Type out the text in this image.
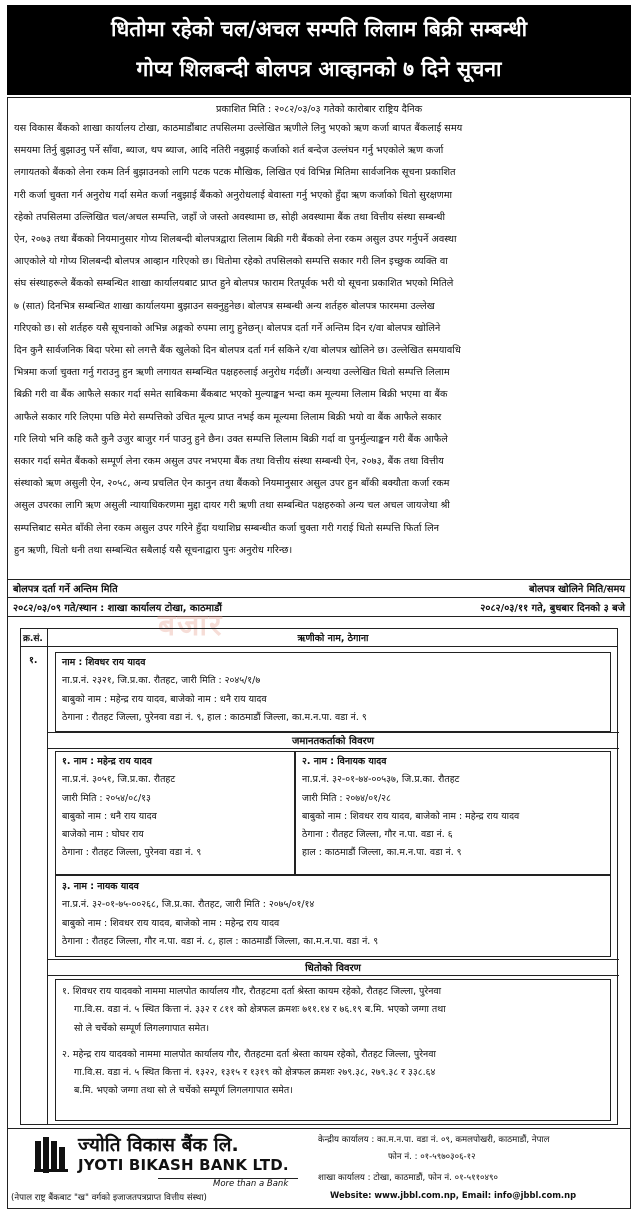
धितोमा रहेको चल/अचल सम्पति लिलाम बिक्री सम्बन्धी
गोप्य शिलबन्दी बोलपत्र आव्हानको ७ दिने सूचना
प्रकाशित मिति : २०८२/०३/०३ गतेको कारोबार राष्ट्रिय दैनिक
यस विकास बैंकको शाखा कार्यालय टोखा, काठमाडौंबाट तपसिलमा उल्लेखित ऋणीले लिनु भएको ऋण कर्जा बापत बैंकलाई समय
समयमा तिर्नु बुझाउनु पर्ने साँवा, ब्याज, थप ब्याज, आदि नतिरी नबुझाई कर्जाको शर्त बन्देज उल्लंघन गर्नु भएकोले ऋण कर्जा
लगायतको बैंकको लेना रकम तिर्न बुझाउनको लागि पटक पटक मौखिक, लिखित एवं विभिन्न मितिमा सार्वजनिक सूचना प्रकाशित
गरी कर्जा चुक्ता गर्न अनुरोध गर्दा समेत कर्जा नबुझाई बैंकको अनुरोधलाई बेवास्ता गर्नु भएको हुँदा ऋण कर्जाको धितो सुरक्षणमा
रहेको तपसिलमा उल्लिखित चल/अचल सम्पत्ति, जहाँ जे जस्तो अवस्थामा छ, सोही अवस्थामा बैंक तथा वित्तीय संस्था सम्बन्धी
ऐन, २०७३ तथा बैंकको नियमानुसार गोप्य शिलबन्दी बोलपत्रद्वारा लिलाम बिक्री गरी बैंकको लेना रकम असुल उपर गर्नुपर्ने अवस्था
आएकोले यो गोप्य शिलबन्दी बोलपत्र आव्हान गरिएको छ। धितोमा रहेको तपसिलको सम्पत्ति सकार गरी लिन इच्छुक व्यक्ति वा
संघ संस्थाहरूले बैंकको सम्बन्धित शाखा कार्यालयबाट प्राप्त हुने बोलपत्र फाराम रितपूर्वक भरी यो सूचना प्रकाशित भएको मितिले
७ (सात) दिनभित्र सम्बन्धित शाखा कार्यालयमा बुझाउन सक्नुहुनेछ। बोलपत्र सम्बन्धी अन्य शर्तहरु बोलपत्र फारममा उल्लेख
गरिएको छ। सो शर्तहरु यसै सूचनाको अभिन्न अङ्गको रुपमा लागु हुनेछन्। बोलपत्र दर्ता गर्ने अन्तिम दिन र/वा बोलपत्र खोलिने
दिन कुनै सार्वजनिक बिदा परेमा सो लगत्तै बैंक खुलेको दिन बोलपत्र दर्ता गर्न सकिने र/वा बोलपत्र खोलिने छ। उल्लेखित समयावधि
भित्रमा कर्जा चुक्ता गर्नु गराउनु हुन ऋणी लगायत सम्बन्धित पक्षहरुलाई अनुरोध गर्दछौं। अन्यथा उल्लेखित धितो सम्पत्ति लिलाम
बिक्री गरी वा बैंक आफैले सकार गर्दा समेत साबिकमा बैंकबाट भएको मुल्याङ्कन भन्दा कम मूल्यमा लिलाम बिक्री भएमा वा बैंक
आफैले सकार गरि लिएमा पछि मेरो सम्पत्तिको उचित मूल्य प्राप्त नभई कम मूल्यमा लिलाम बिक्री भयो वा बैंक आफैले सकार
गरि लियो भनि कहि कतै कुनै उजुर बाजुर गर्न पाउनु हुने छैन। उक्त सम्पत्ति लिलाम बिक्री गर्दा वा पुनर्मुल्याङ्कन गरी बैंक आफैले
सकार गर्दा समेत बैंकको सम्पूर्ण लेना रकम असुल उपर नभएमा बैंक तथा वित्तीय संस्था सम्बन्धी ऐन, २०७३, बैंक तथा वित्तीय
संस्थाको ऋण असुली ऐन, २०५८, अन्य प्रचलित ऐन कानुन तथा बैंकको नियमानुसार असुल उपर हुन बाँकी बक्यौता कर्जा रकम
असुल उपरका लागि ऋण असुली न्यायाधिकरणमा मुद्दा दायर गरी ऋणी तथा सम्बन्धित पक्षहरुको अन्य चल अचल जायजेथा श्री
सम्पत्तिबाट समेत बाँकी लेना रकम असुल उपर गरिने हुँदा यथाशिघ्र सम्बन्धीत कर्जा चुक्ता गरी गराई धितो सम्पत्ति फिर्ता लिन
हुन ऋणी, धितो धनी तथा सम्बन्धित सबैलाई यसै सूचनाद्वारा पुनः अनुरोध गरिन्छ।
बोलपत्र दर्ता गर्ने अन्तिम मिति	बोलपत्र खोलिने मिति/समय
२०८२/०३/०९ गते/स्थान : शाखा कार्यालय टोखा, काठमाडौं	२०८२/०३/११ गते, बुधबार दिनको ३ बजे
बजार
क्र.सं.	ऋणीको नाम, ठेगाना
१.	नाम : शिवधर राय यादव
ना.प्र.नं. २३२१, जि.प्र.का. रौतहट, जारी मिति : २०४५/१/७
बाबुको नाम : महेन्द्र राय यादव, बाजेको नाम : धनै राय यादव
ठेगाना : रौतहट जिल्ला, पुरेनवा वडा नं. ९, हाल : काठमाडौं जिल्ला, का.म.न.पा. वडा नं. ९
जमानतकर्ताको विवरण
१. नाम : महेन्द्र राय यादव
ना.प्र.नं. ३०५१, जि.प्र.का. रौतहट
जारी मिति : २०५४/०८/१३
बाबुको नाम : धनै राय यादव
बाजेको नाम : घोघर राय
ठेगाना : रौतहट जिल्ला, पुरेनवा वडा नं. ९
२. नाम : विनायक यादव
ना.प्र.नं. ३२-०१-७४-००५३७, जि.प्र.का. रौतहट
जारी मिति : २०७४/०१/२८
बाबुको नाम : शिवधर राय यादव, बाजेको नाम : महेन्द्र राय यादव
ठेगाना : रौतहट जिल्ला, गौर न.पा. वडा नं. ६
हाल : काठमाडौं जिल्ला, का.म.न.पा. वडा नं. ९
३. नाम : नायक यादव
ना.प्र.नं. ३२-०१-७५-००२६८, जि.प्र.का. रौतहट, जारी मिति : २०७५/०१/१४
बाबुको नाम : शिवधर राय यादव, बाजेको नाम : महेन्द्र राय यादव
ठेगाना : रौतहट जिल्ला, गौर न.पा. वडा नं. ८, हाल : काठमाडौं जिल्ला, का.म.न.पा. वडा नं. ९
धितोको विवरण
१. शिवधर राय यादवको नाममा मालपोत कार्यालय गौर, रौतहटमा दर्ता श्रेस्ता कायम रहेको, रौतहट जिल्ला, पुरेनवा
गा.वि.स. वडा नं. ५ स्थित कित्ता नं. ३३२ र ८११ को क्षेत्रफल क्रमशः ७११.१४ र ७६.१९ ब.मि. भएको जग्गा तथा
सो ले चर्चेको सम्पूर्ण लिगलगापात समेत।
२. महेन्द्र राय यादवको नाममा मालपोत कार्यालय गौर, रौतहटमा दर्ता श्रेस्ता कायम रहेको, रौतहट जिल्ला, पुरेनवा
गा.वि.स. वडा नं. ५ स्थित कित्ता नं. १३२२, १३१५ र १३१९ को क्षेत्रफल क्रमशः २७९.३८, २७९.३८ र ३३८.६४
ब.मि. भएको जग्गा तथा सो ले चर्चेको सम्पूर्ण लिगलगापात समेत।
ज्योति विकास बैंक लि.
JYOTI BIKASH BANK LTD.
More than a Bank
(नेपाल राष्ट्र बैंकबाट "ख" वर्गको इजाजतपत्रप्राप्त वित्तीय संस्था)
केन्द्रीय कार्यालय : का.म.न.पा. वडा नं. ०९, कमलपोखरी, काठमाडौं, नेपाल
फोन नं. : ०१-५९७०३०६-१२
शाखा कार्यालय : टोखा, काठमाडौं, फोन नं. ०१-५११०४९०
Website: www.jbbl.com.np, Email: info@jbbl.com.np
